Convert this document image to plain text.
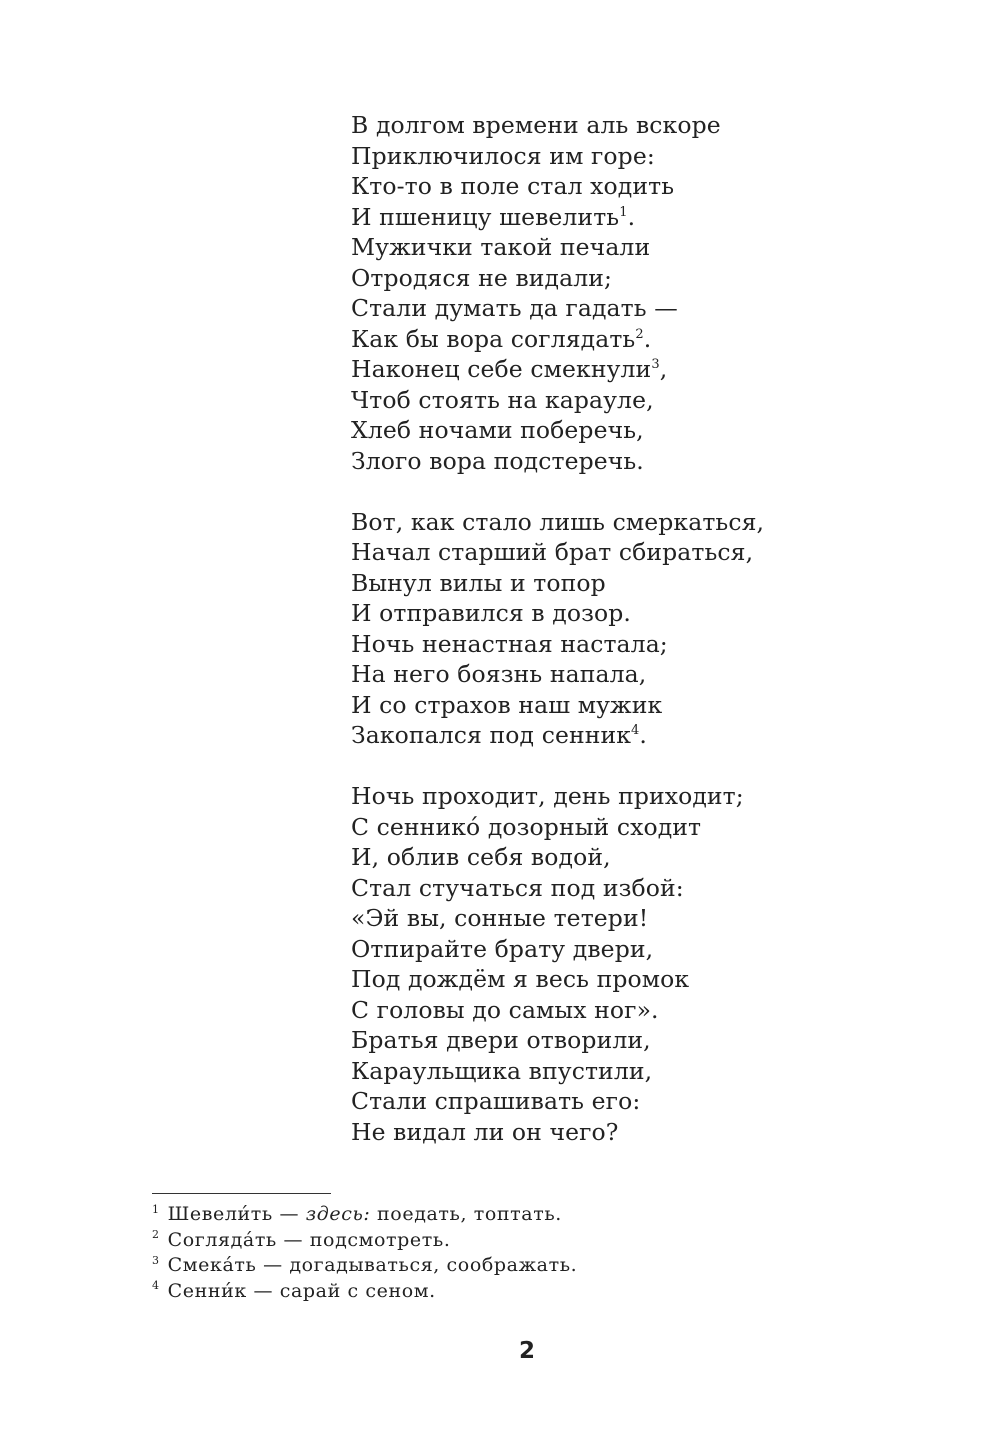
В долгом времени аль вскоре
Приключилося им горе:
Кто-то в поле стал ходить
И пшеницу шевелить$^1$.
Мужички такой печали
Отродяся не видали;
Стали думать да гадать —
Как бы вора соглядать$^2$.
Наконец себе смекнули$^3$,
Чтоб стоять на карауле,
Хлеб ночами поберечь,
Злого вора подстеречь.
Вот, как стало лишь смеркаться,
Начал старший брат сбираться,
Вынул вилы и топор
И отправился в дозор.
Ночь ненастная настала;
На него боязнь напала,
И со страхов наш мужик
Закопался под сенник$^4$.
Ночь проходит, день приходит;
С сеннико́ дозорный сходит
И, облив себя водой,
Стал стучаться под избой:
«Эй вы, сонные тетери!
Отпирайте брату двери,
Под дождём я весь промок
С головы до самых ног».
Братья двери отворили,
Караульщика впустили,
Стали спрашивать его:
Не видал ли он чего?
$^1$ Шевели́ть — здесь: поедать, топтать.
$^2$ Соглядáть — подсмотреть.
$^3$ Смекáть — догадываться, соображать.
$^4$ Сенни́к — сарай с сеном.
2
